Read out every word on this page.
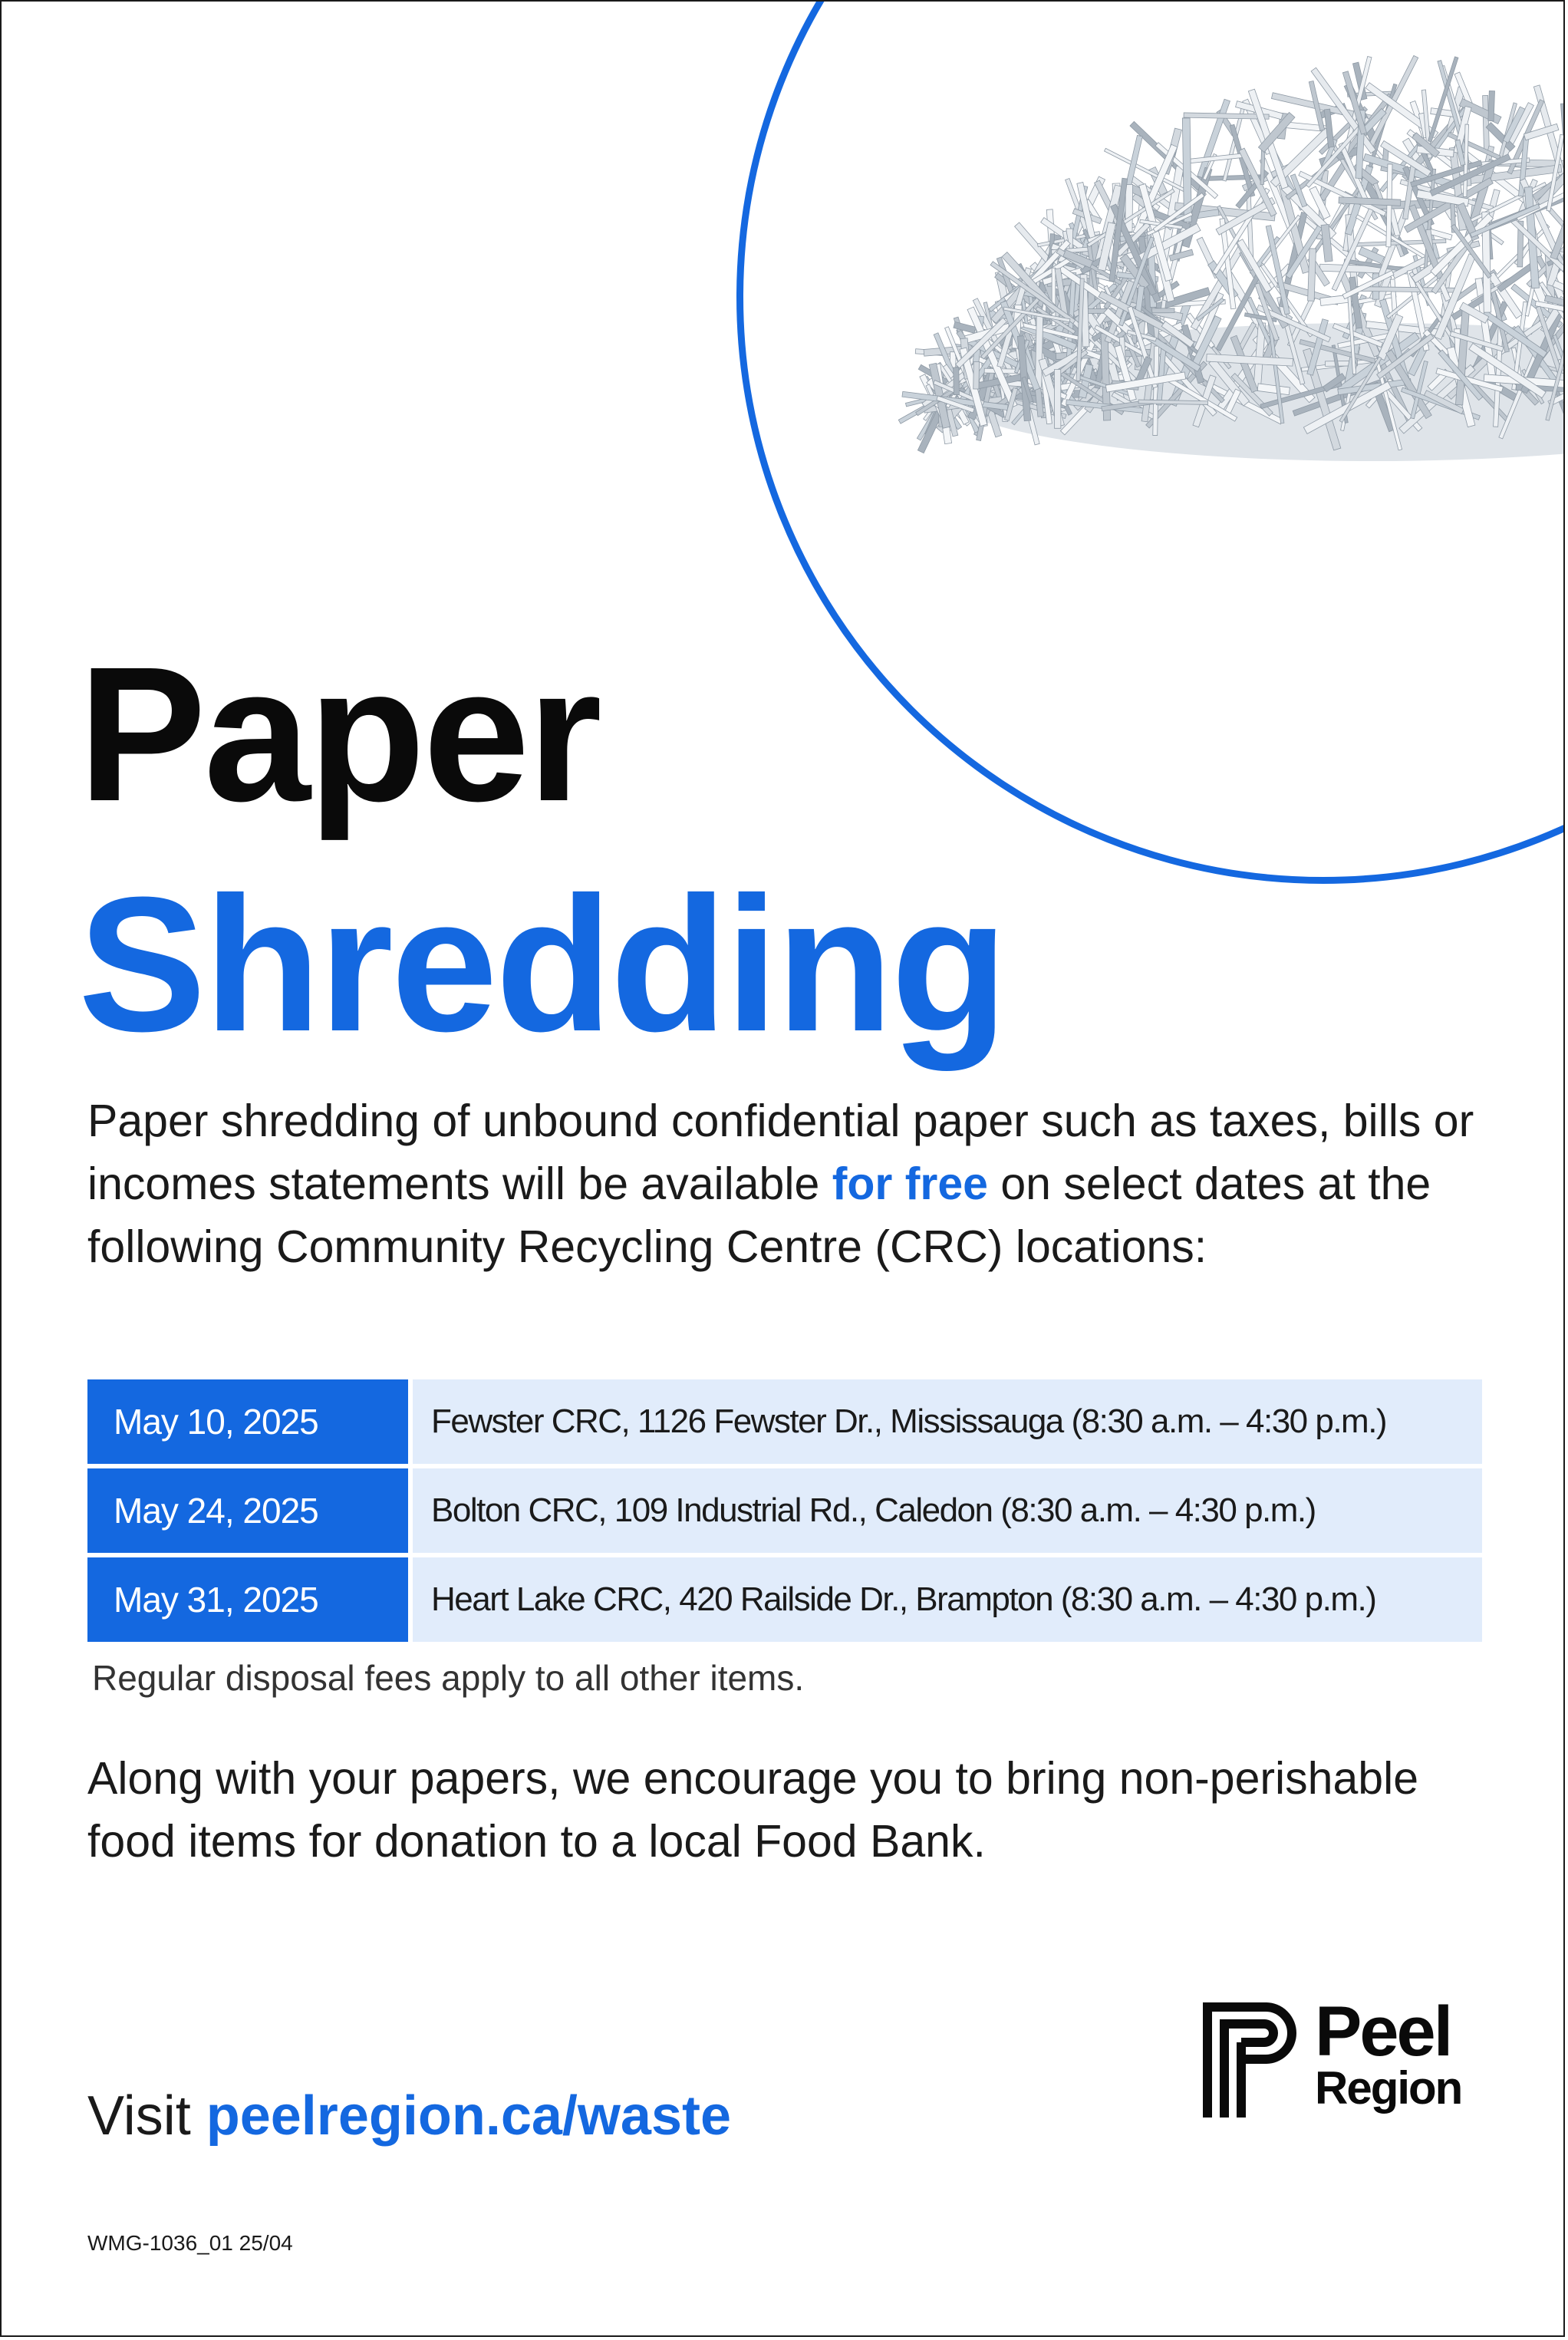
Paper
Shredding

Paper shredding of unbound confidential paper such as taxes, bills or incomes statements will be available for free on select dates at the following Community Recycling Centre (CRC) locations:

May 10, 2025	Fewster CRC, 1126 Fewster Dr., Mississauga (8:30 a.m. – 4:30 p.m.)
May 24, 2025	Bolton CRC, 109 Industrial Rd., Caledon (8:30 a.m. – 4:30 p.m.)
May 31, 2025	Heart Lake CRC, 420 Railside Dr., Brampton (8:30 a.m. – 4:30 p.m.)

Regular disposal fees apply to all other items.

Along with your papers, we encourage you to bring non-perishable food items for donation to a local Food Bank.

Visit peelregion.ca/waste

Peel
Region

WMG-1036_01 25/04
